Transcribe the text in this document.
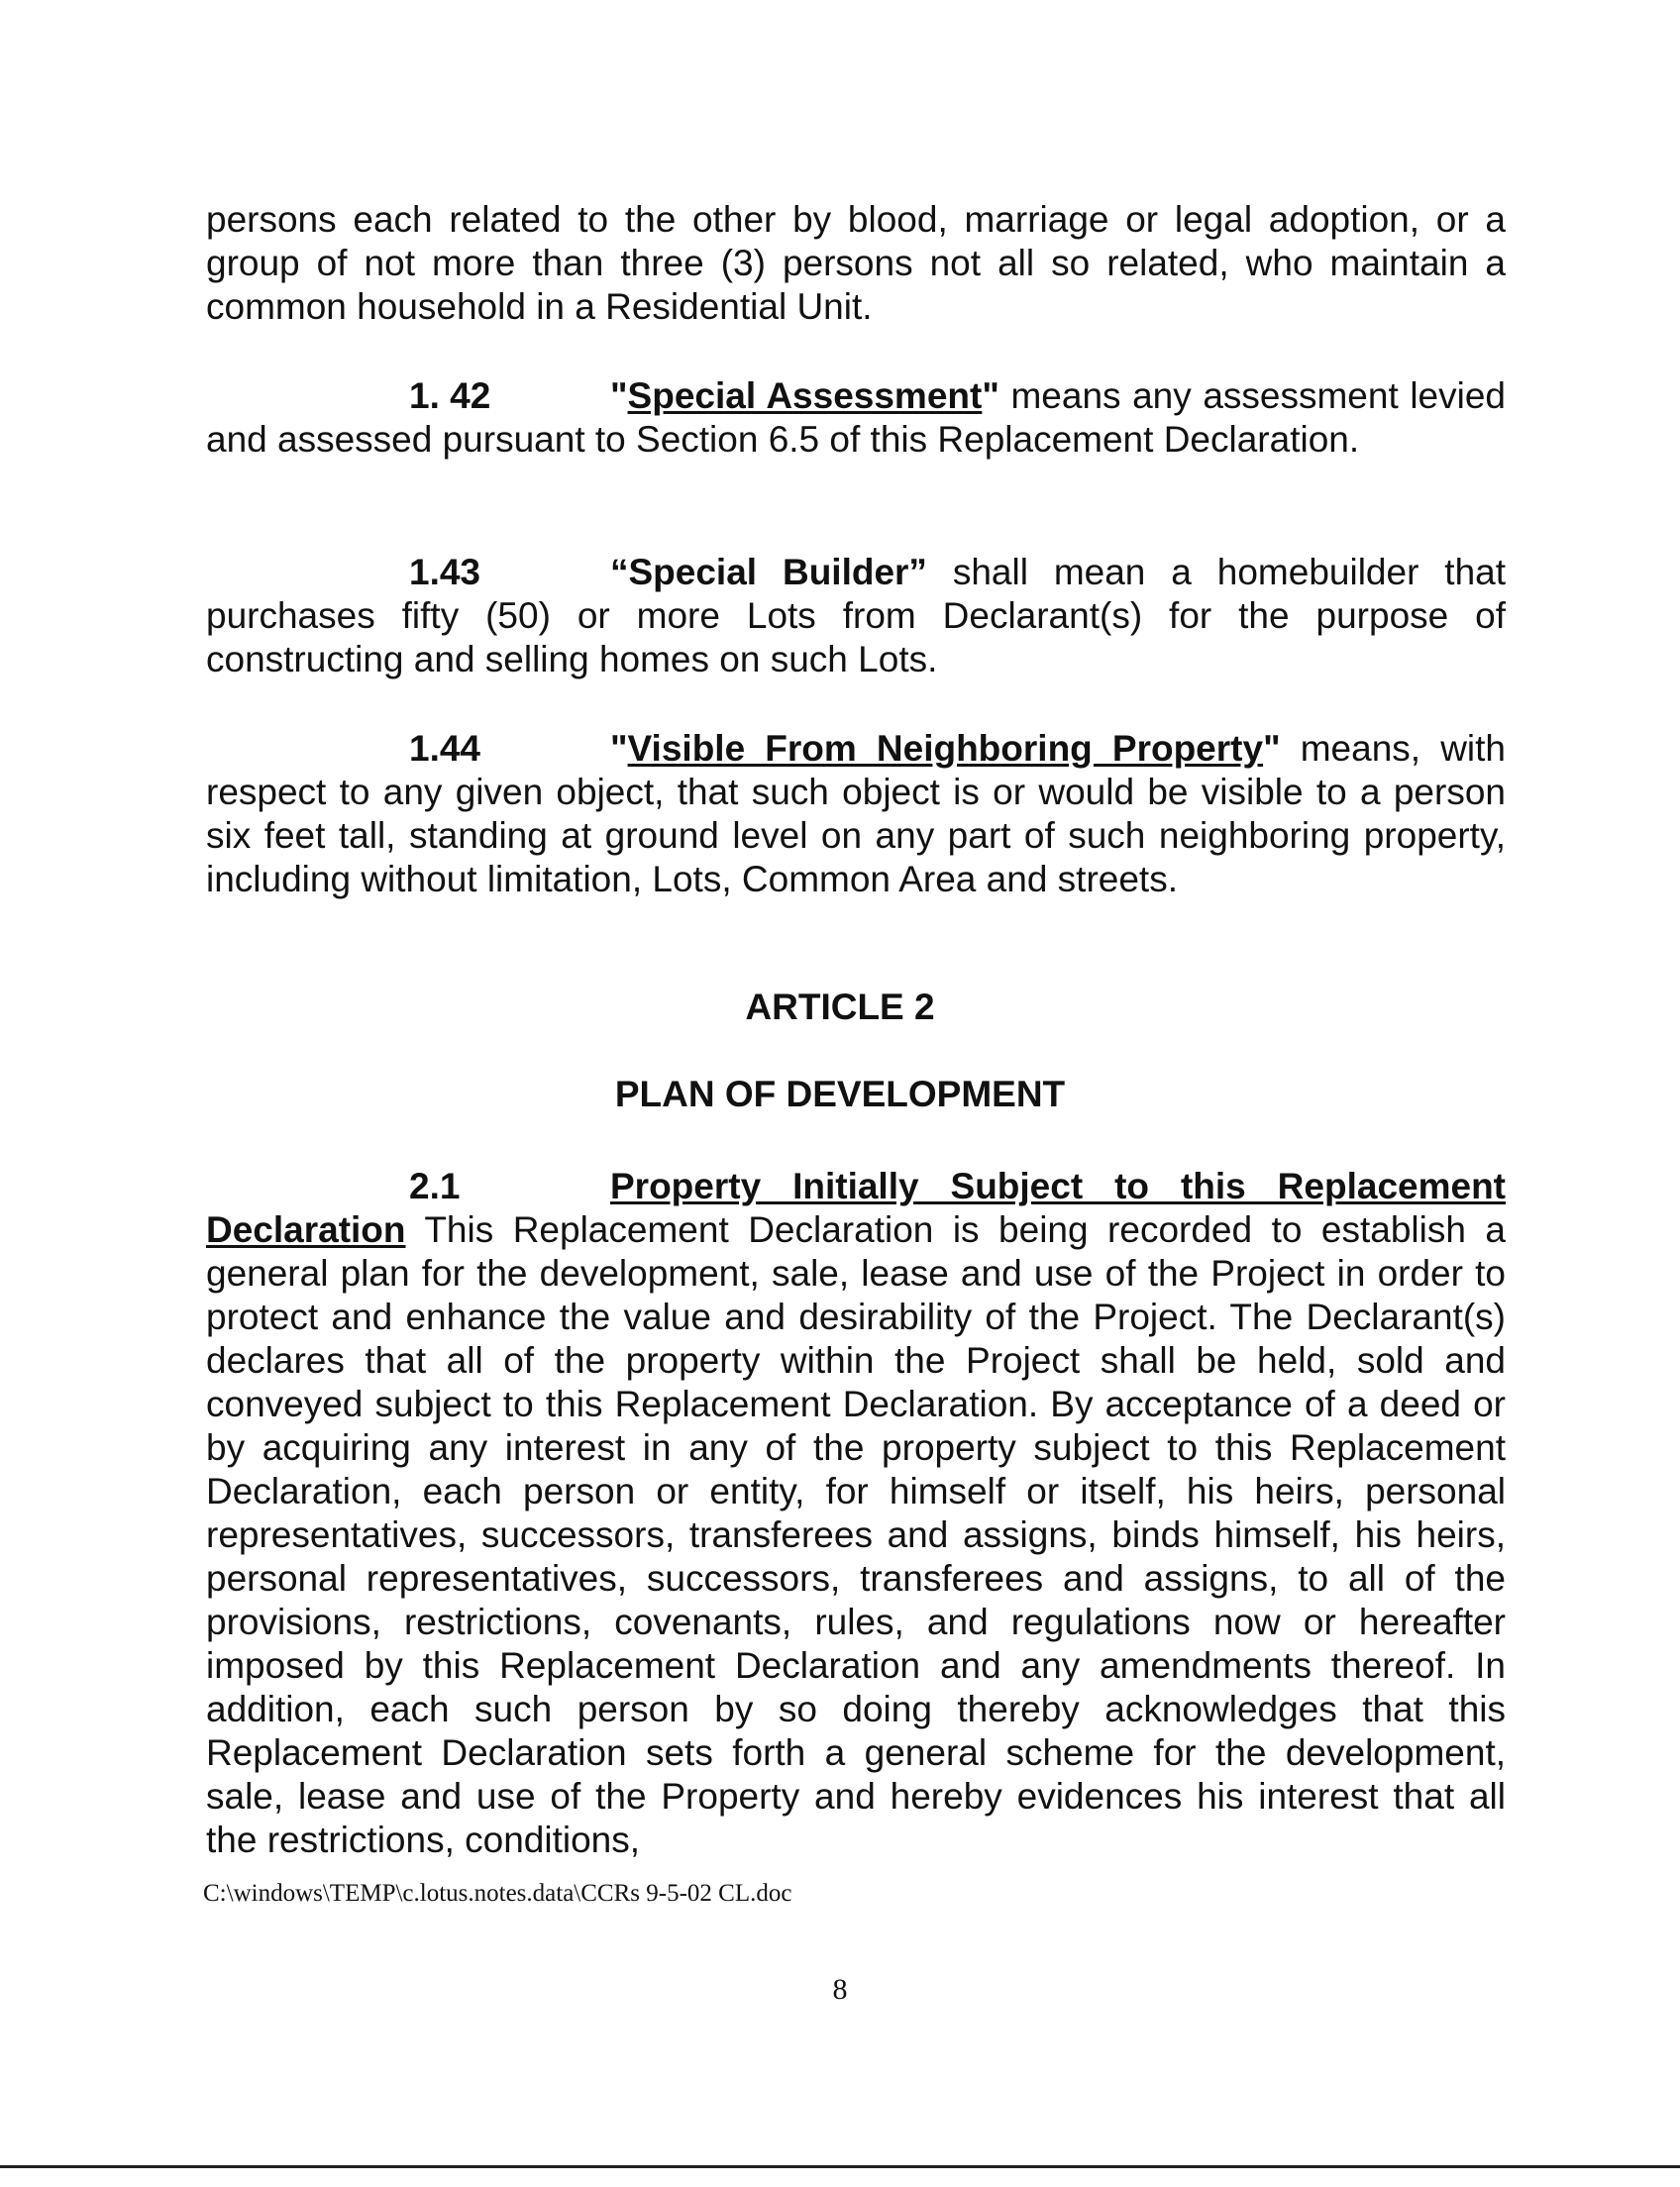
persons each related to the other by blood, marriage or legal adoption, or a group of not more than three (3) persons not all so related, who maintain a common household in a Residential Unit.

1. 42	"Special Assessment" means any assessment levied and assessed pursuant to Section 6.5 of this Replacement Declaration.

1.43	“Special Builder” shall mean a homebuilder that purchases fifty (50) or more Lots from Declarant(s) for the purpose of constructing and selling homes on such Lots.

1.44	"Visible From Neighboring Property" means, with respect to any given object, that such object is or would be visible to a person six feet tall, standing at ground level on any part of such neighboring property, including without limitation, Lots, Common Area and streets.

ARTICLE 2

PLAN OF DEVELOPMENT

2.1	Property Initially Subject to this Replacement Declaration This Replacement Declaration is being recorded to establish a general plan for the development, sale, lease and use of the Project in order to protect and enhance the value and desirability of the Project. The Declarant(s) declares that all of the property within the Project shall be held, sold and conveyed subject to this Replacement Declaration. By acceptance of a deed or by acquiring any interest in any of the property subject to this Replacement Declaration, each person or entity, for himself or itself, his heirs, personal representatives, successors, transferees and assigns, binds himself, his heirs, personal representatives, successors, transferees and assigns, to all of the provisions, restrictions, covenants, rules, and regulations now or hereafter imposed by this Replacement Declaration and any amendments thereof. In addition, each such person by so doing thereby acknowledges that this Replacement Declaration sets forth a general scheme for the development, sale, lease and use of the Property and hereby evidences his interest that all the restrictions, conditions,

C:\windows\TEMP\c.lotus.notes.data\CCRs 9-5-02 CL.doc
8
